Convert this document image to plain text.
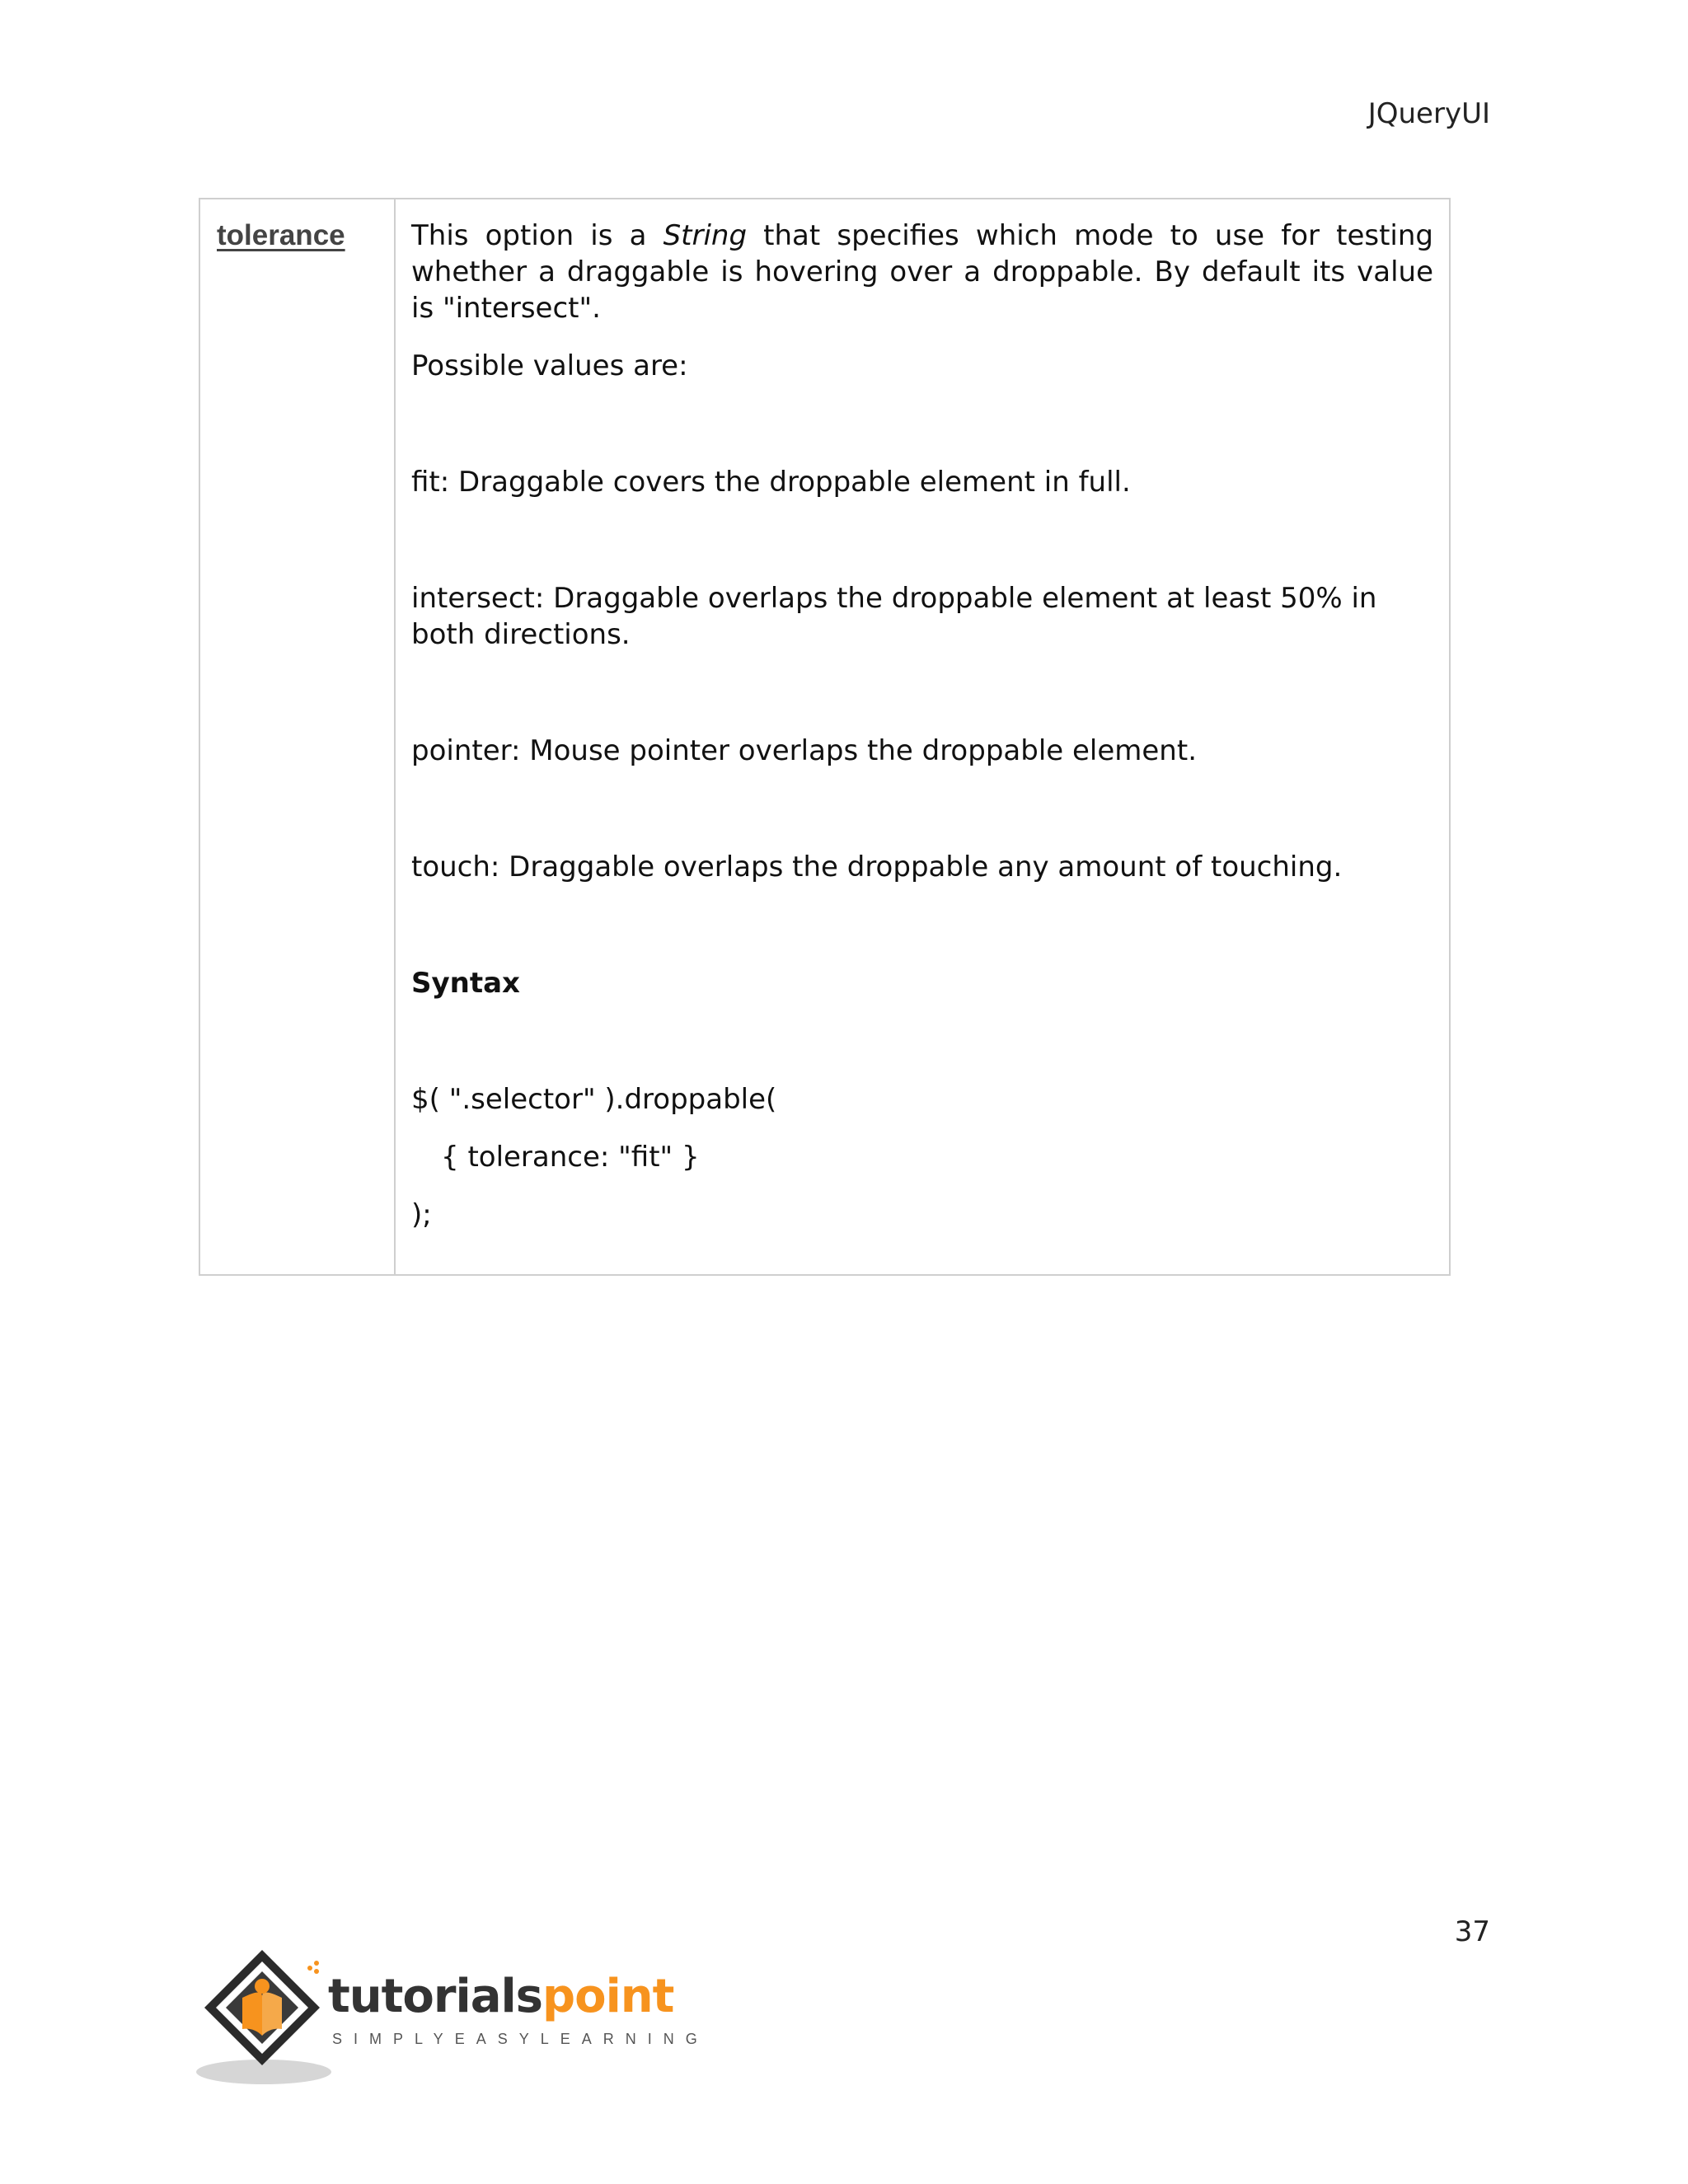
JQueryUI
tolerance This option is a String that specifies which mode to use for testing whether a draggable is hovering over a droppable. By default its value is "intersect".

Possible values are:

fit: Draggable covers the droppable element in full.

intersect: Draggable overlaps the droppable element at least 50% in both directions.

pointer: Mouse pointer overlaps the droppable element.

touch: Draggable overlaps the droppable any amount of touching.

Syntax

$( ".selector" ).droppable(

{ tolerance: "fit" }

);

37
tutorialspoint
SIMPLYEASYLEARNING
